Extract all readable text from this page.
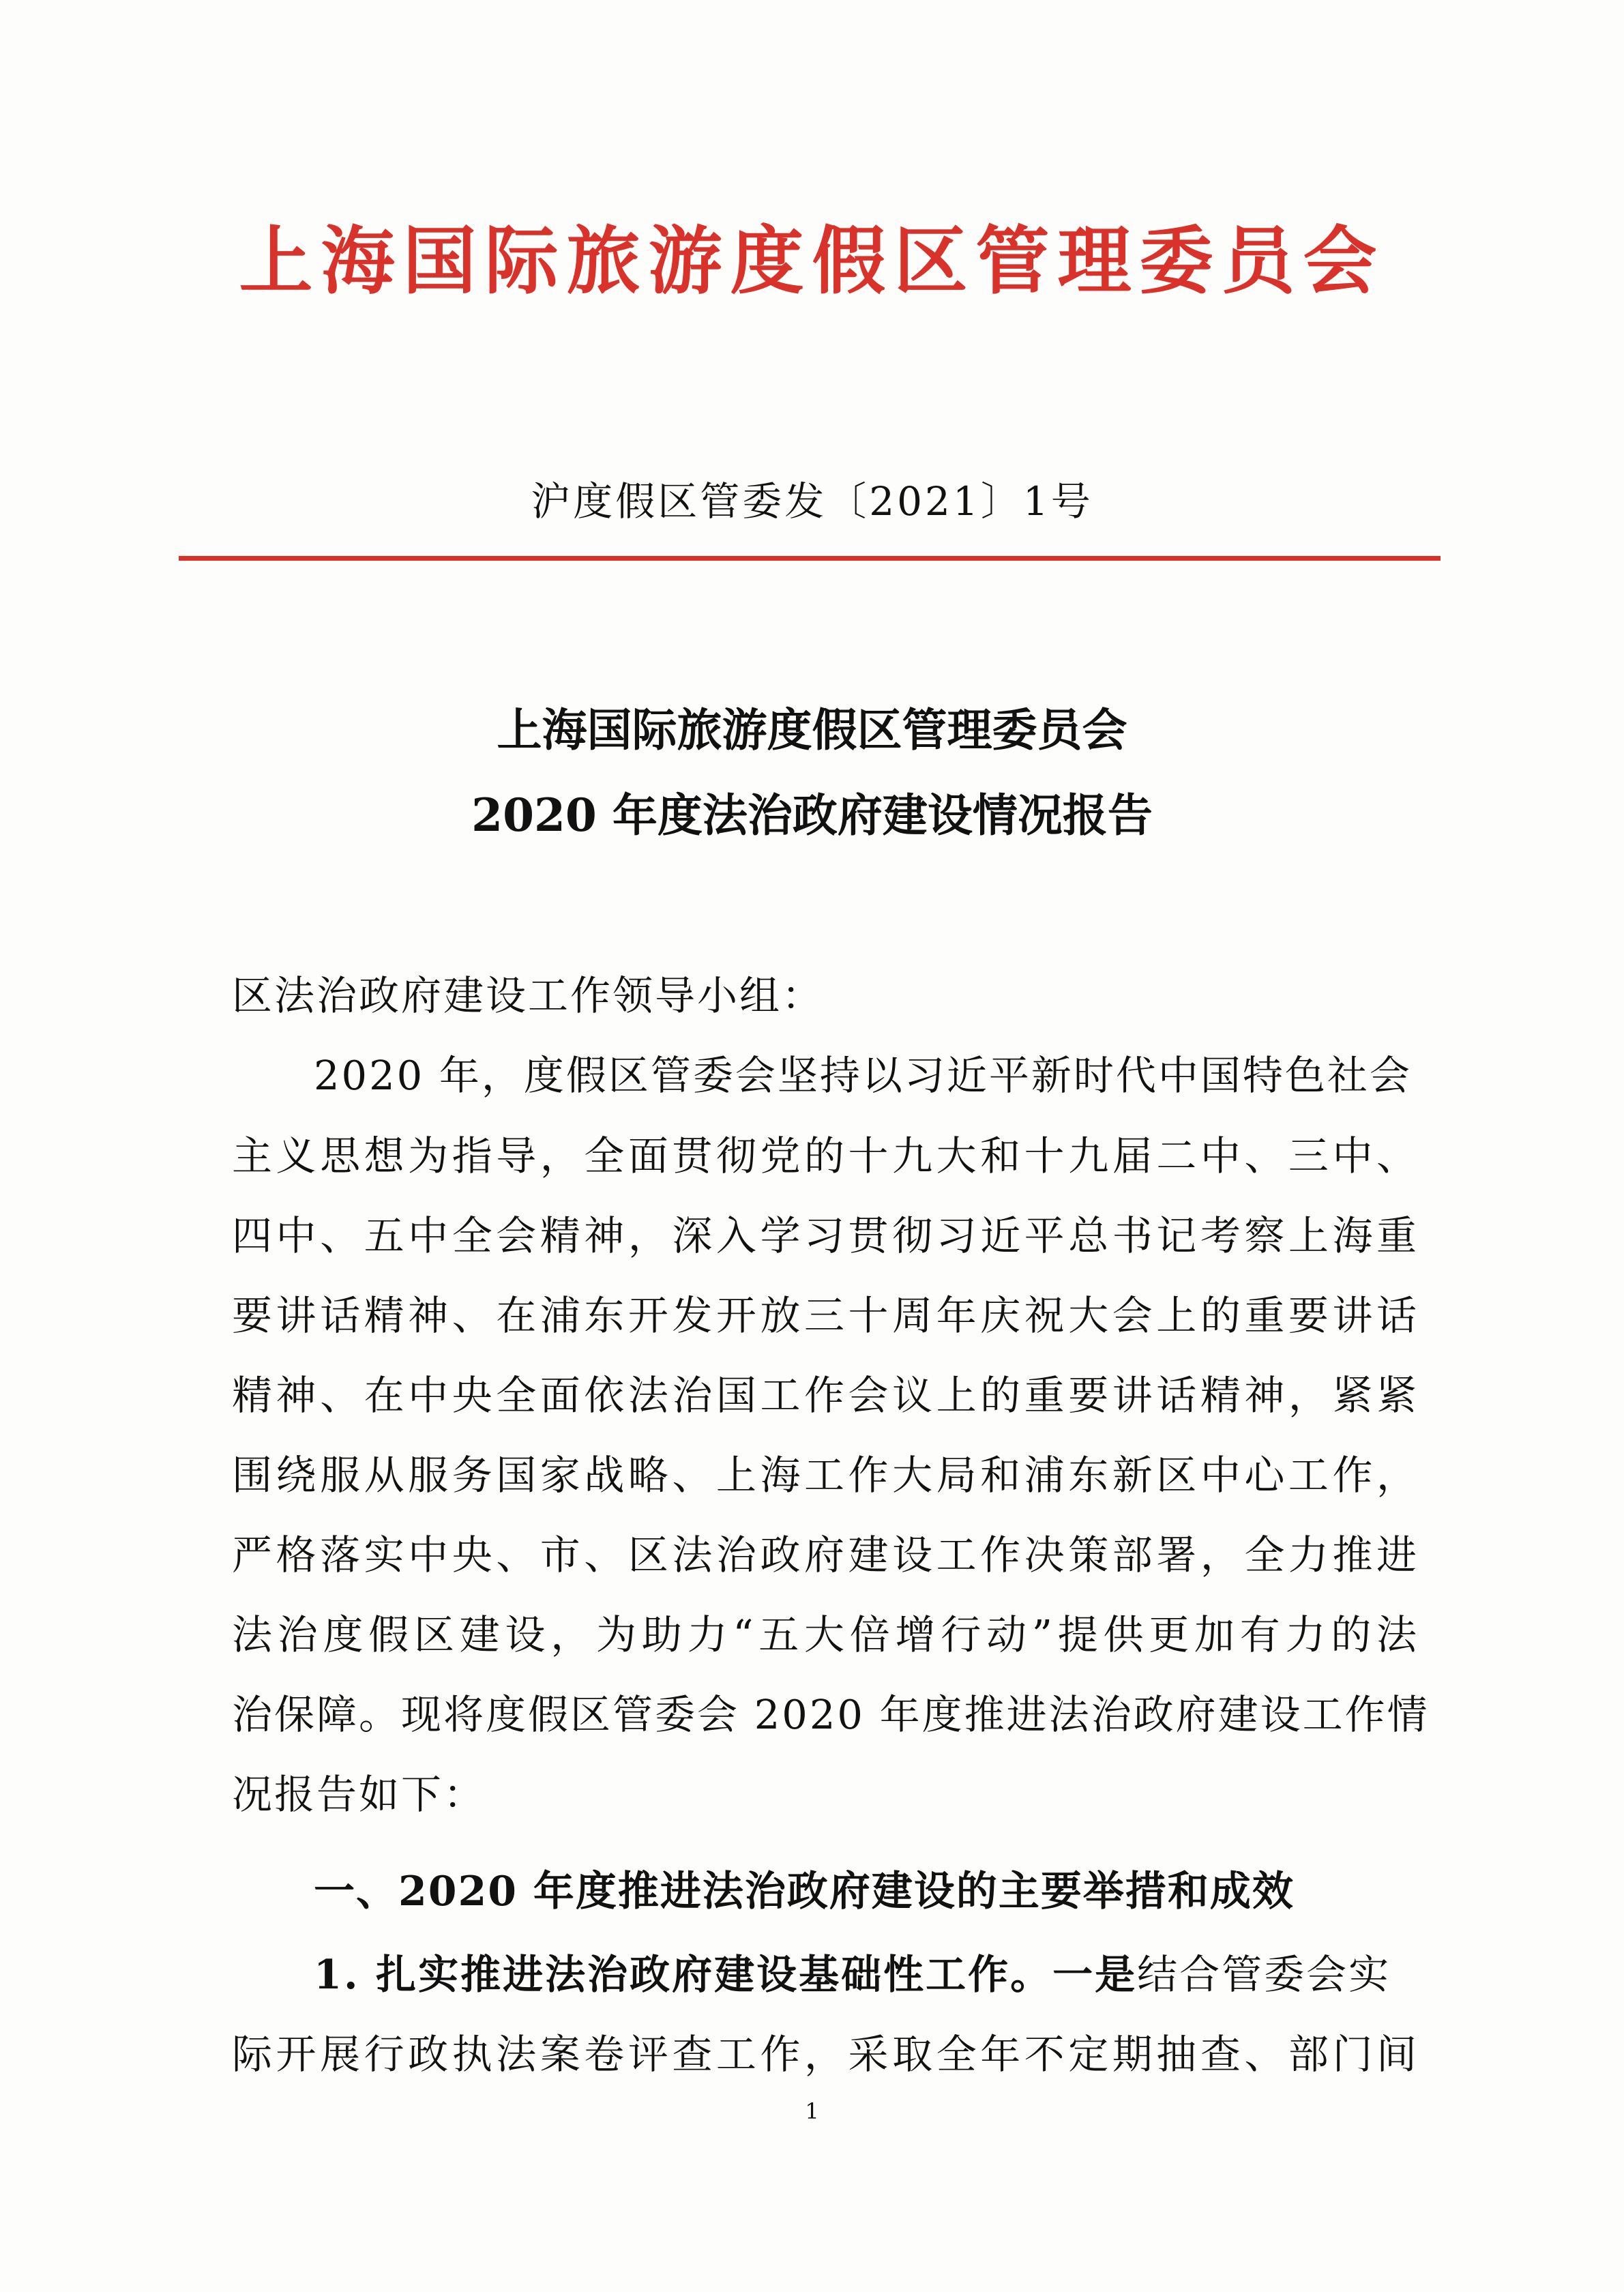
上海国际旅游度假区管理委员会
沪度假区管委发〔2021〕1号
上海国际旅游度假区管理委员会
2020 年度法治政府建设情况报告
区法治政府建设工作领导小组：
2020 年，度假区管委会坚持以习近平新时代中国特色社会
主义思想为指导，全面贯彻党的十九大和十九届二中、三中、
四中、五中全会精神，深入学习贯彻习近平总书记考察上海重
要讲话精神、在浦东开发开放三十周年庆祝大会上的重要讲话
精神、在中央全面依法治国工作会议上的重要讲话精神，紧紧
围绕服从服务国家战略、上海工作大局和浦东新区中心工作，
严格落实中央、市、区法治政府建设工作决策部署，全力推进
法治度假区建设，为助力“五大倍增行动”提供更加有力的法
治保障。现将度假区管委会 2020 年度推进法治政府建设工作情
况报告如下：
一、2020 年度推进法治政府建设的主要举措和成效
1. 扎实推进法治政府建设基础性工作。一是结合管委会实
际开展行政执法案卷评查工作，采取全年不定期抽查、部门间
1
